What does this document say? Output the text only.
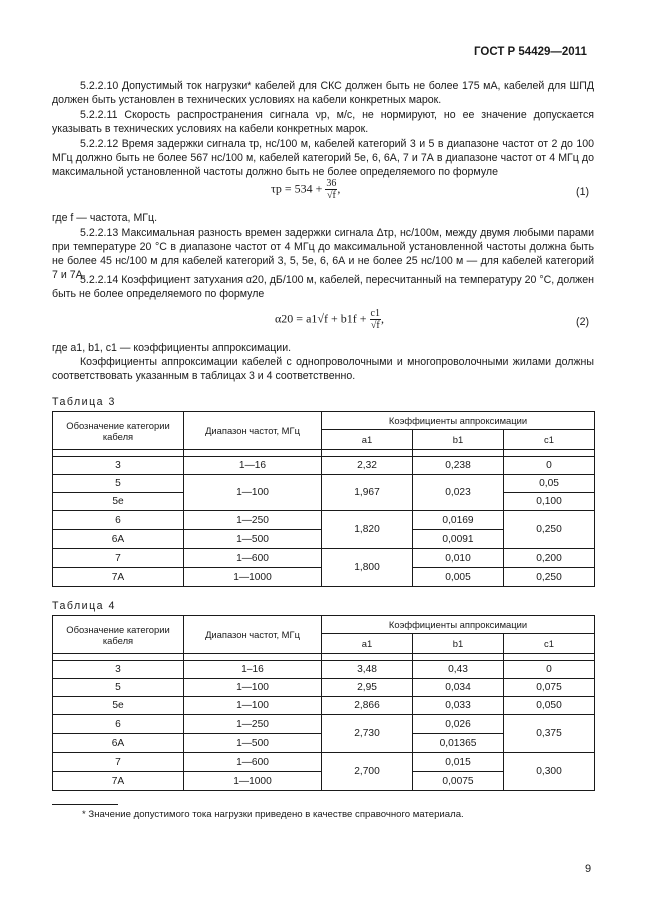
ГОСТ Р 54429—2011

5.2.2.10 Допустимый ток нагрузки* кабелей для СКС должен быть не более 175 мА, кабелей для ШПД должен быть установлен в технических условиях на кабели конкретных марок.

5.2.2.11 Скорость распространения сигнала νр, м/с, не нормируют, но ее значение допускается указывать в технических условиях на кабели конкретных марок.

5.2.2.12 Время задержки сигнала τр, нс/100 м, кабелей категорий 3 и 5 в диапазоне частот от 2 до 100 МГц должно быть не более 567 нс/100 м, кабелей категорий 5е, 6, 6А, 7 и 7А в диапазоне частот от 4 МГц до максимальной установленной частоты должно быть не более определяемого по формуле

$\tau р = 534 + \frac{36}{√f}$ ,	(1)

где f — частота, МГц.

5.2.2.13 Максимальная разность времен задержки сигнала Δτр, нс/100м, между двумя любыми парами при температуре 20 °С в диапазоне частот от 4 МГц до максимальной установленной частоты должна быть не более 45 нс/100 м для кабелей категорий 3, 5, 5е, 6, 6А и не более 25 нс/100 м — для кабелей категорий 7 и 7А.

5.2.2.14 Коэффициент затухания α20, дБ/100 м, кабелей, пересчитанный на температуру 20 °С, должен быть не более определяемого по формуле

$\alpha 20 = a1√f + b1f + \frac{c1}{√f}$ ,	(2)

где a1, b1, c1 — коэффициенты аппроксимации.

Коэффициенты аппроксимации кабелей с однопроволочными и многопроволочными жилами должны соответствовать указанным в таблицах 3 и 4 соответственно.

Таблица 3
Обозначение категории кабеля	Диапазон частот, МГц	Коэффициенты аппроксимации		
		a1	b1	c1

3	1—16	2,32	0,238	0
5	1—100	1,967	0,023	0,05
5е				0,100
6	1—250	1,820	0,0169	0,250
6А	1—500		0,0091	
7	1—600	1,800	0,010	0,200
7А	1—1000		0,005	0,250
Таблица 4
Обозначение категории кабеля	Диапазон частот, МГц	Коэффициенты аппроксимации		
		a1	b1	c1

3	1–16	3,48	0,43	0
5	1—100	2,95	0,034	0,075
5е	1—100	2,866	0,033	0,050
6	1—250	2,730	0,026	0,375
6А	1—500		0,01365	
7	1—600	2,700	0,015	0,300
7А	1—1000		0,0075	
* Значение допустимого тока нагрузки приведено в качестве справочного материала.
9
